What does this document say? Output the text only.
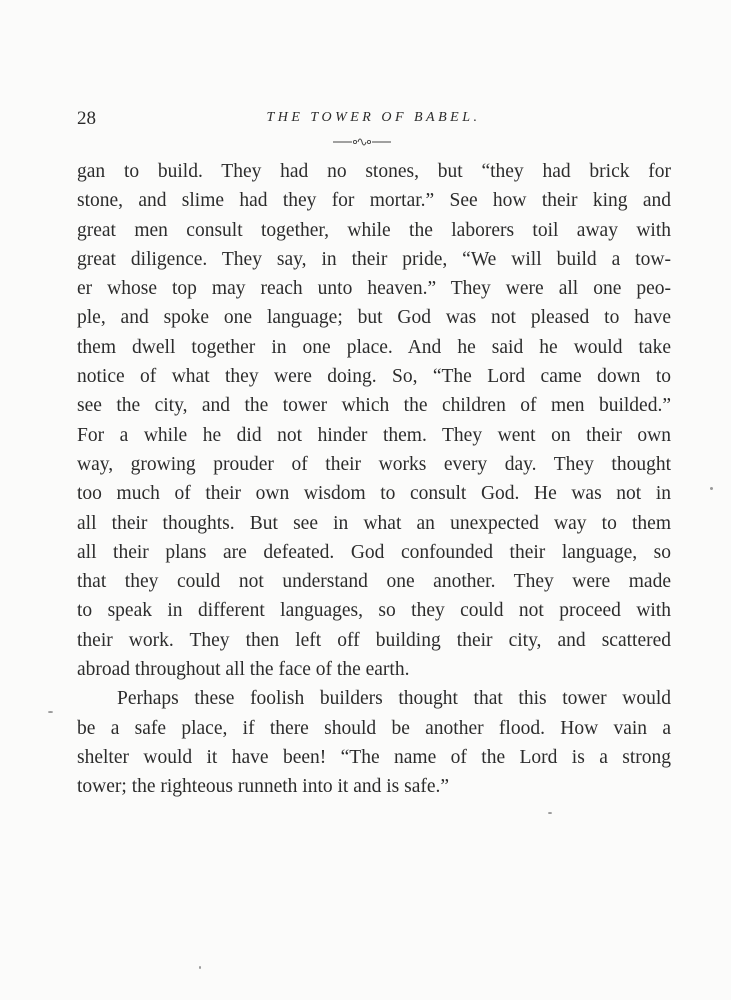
28	THE TOWER OF BABEL.
gan to build. They had no stones, but “they had brick for
stone, and slime had they for mortar.” See how their king and
great men consult together, while the laborers toil away with
great diligence. They say, in their pride, “We will build a tow-
er whose top may reach unto heaven.” They were all one peo-
ple, and spoke one language; but God was not pleased to have
them dwell together in one place. And he said he would take
notice of what they were doing. So, “The Lord came down to
see the city, and the tower which the children of men builded.”
For a while he did not hinder them. They went on their own
way, growing prouder of their works every day. They thought
too much of their own wisdom to consult God. He was not in
all their thoughts. But see in what an unexpected way to them
all their plans are defeated. God confounded their language, so
that they could not understand one another. They were made
to speak in different languages, so they could not proceed with
their work. They then left off building their city, and scattered
abroad throughout all the face of the earth.
Perhaps these foolish builders thought that this tower would
be a safe place, if there should be another flood. How vain a
shelter would it have been! “The name of the Lord is a strong
tower; the righteous runneth into it and is safe.”
